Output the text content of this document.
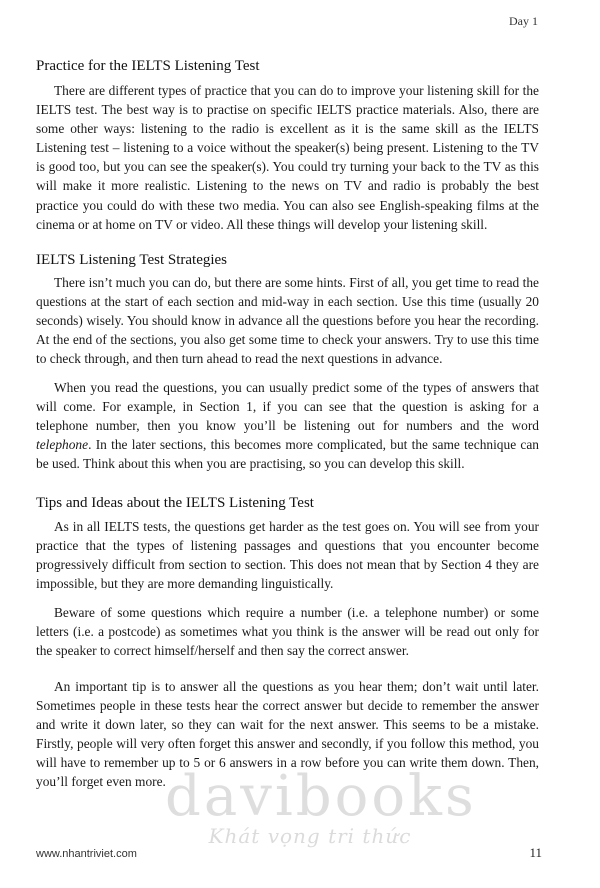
Day 1
Practice for the IELTS Listening Test

There are different types of practice that you can do to improve your listening skill for the IELTS test. The best way is to practise on specific IELTS practice materials. Also, there are some other ways: listening to the radio is excellent as it is the same skill as the IELTS Listening test – listening to a voice without the speaker(s) being present. Listening to the TV is good too, but you can see the speaker(s). You could try turning your back to the TV as this will make it more realistic. Listening to the news on TV and radio is probably the best practice you could do with these two media. You can also see English-speaking films at the cinema or at home on TV or video. All these things will develop your listening skill.

IELTS Listening Test Strategies

There isn’t much you can do, but there are some hints. First of all, you get time to read the questions at the start of each section and mid-way in each section. Use this time (usually 20 seconds) wisely. You should know in advance all the questions before you hear the recording. At the end of the sections, you also get some time to check your answers. Try to use this time to check through, and then turn ahead to read the next questions in advance.

When you read the questions, you can usually predict some of the types of answers that will come. For example, in Section 1, if you can see that the question is asking for a telephone number, then you know you’ll be listening out for numbers and the word telephone. In the later sections, this becomes more complicated, but the same technique can be used. Think about this when you are practising, so you can develop this skill.

Tips and Ideas about the IELTS Listening Test

As in all IELTS tests, the questions get harder as the test goes on. You will see from your practice that the types of listening passages and questions that you encounter become progressively difficult from section to section. This does not mean that by Section 4 they are impossible, but they are more demanding linguistically.

Beware of some questions which require a number (i.e. a telephone number) or some letters (i.e. a postcode) as sometimes what you think is the answer will be read out only for the speaker to correct himself/herself and then say the correct answer.

An important tip is to answer all the questions as you hear them; don’t wait until later. Sometimes people in these tests hear the correct answer but decide to remember the answer and write it down later, so they can wait for the next answer. This seems to be a mistake. Firstly, people will very often forget this answer and secondly, if you follow this method, you will have to remember up to 5 or 6 answers in a row before you can write them down. Then, you’ll forget even more. davibooks
Khát vọng tri thức
www.nhantriviet.com	11
